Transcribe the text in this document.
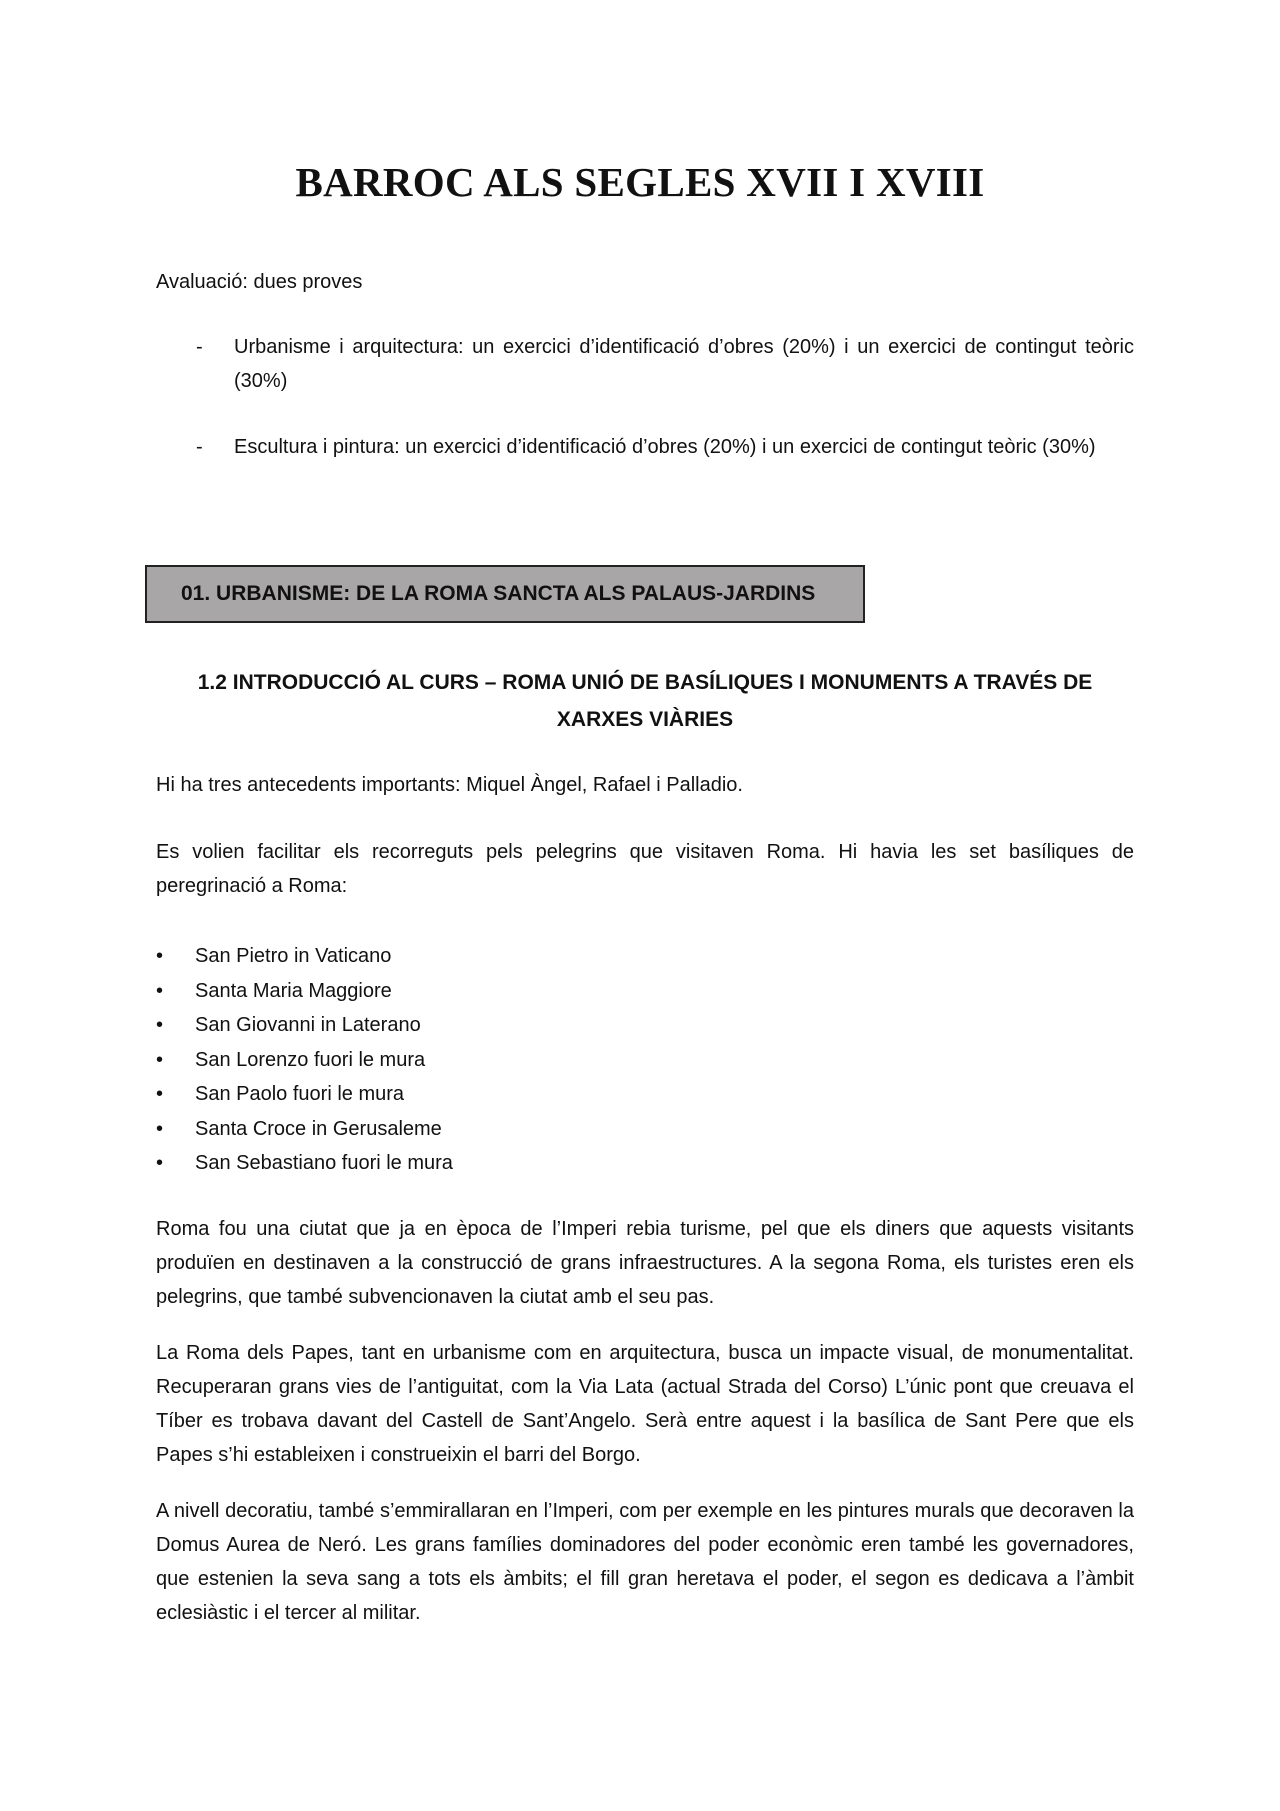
BARROC ALS SEGLES XVII I XVIII
Avaluació: dues proves
- Urbanisme i arquitectura: un exercici d’identificació d’obres (20%) i un exercici de contingut teòric (30%)
- Escultura i pintura: un exercici d’identificació d’obres (20%) i un exercici de contingut teòric (30%)
01. URBANISME: DE LA ROMA SANCTA ALS PALAUS-JARDINS
1.2 INTRODUCCIÓ AL CURS – ROMA UNIÓ DE BASÍLIQUES I MONUMENTS A TRAVÉS DE XARXES VIÀRIES

Hi ha tres antecedents importants: Miquel Àngel, Rafael i Palladio.

Es volien facilitar els recorreguts pels pelegrins que visitaven Roma. Hi havia les set basíliques de peregrinació a Roma:

•	San Pietro in Vaticano
•	Santa Maria Maggiore
•	San Giovanni in Laterano
•	San Lorenzo fuori le mura
•	San Paolo fuori le mura
•	Santa Croce in Gerusaleme
•	San Sebastiano fuori le mura

Roma fou una ciutat que ja en època de l’Imperi rebia turisme, pel que els diners que aquests visitants produïen en destinaven a la construcció de grans infraestructures. A la segona Roma, els turistes eren els pelegrins, que també subvencionaven la ciutat amb el seu pas.

La Roma dels Papes, tant en urbanisme com en arquitectura, busca un impacte visual, de monumentalitat. Recuperaran grans vies de l’antiguitat, com la Via Lata (actual Strada del Corso) L’únic pont que creuava el Tíber es trobava davant del Castell de Sant’Angelo. Serà entre aquest i la basílica de Sant Pere que els Papes s’hi estableixen i construeixin el barri del Borgo.

A nivell decoratiu, també s’emmirallaran en l’Imperi, com per exemple en les pintures murals que decoraven la Domus Aurea de Neró. Les grans famílies dominadores del poder econòmic eren també les governadores, que estenien la seva sang a tots els àmbits; el fill gran heretava el poder, el segon es dedicava a l’àmbit eclesiàstic i el tercer al militar.
